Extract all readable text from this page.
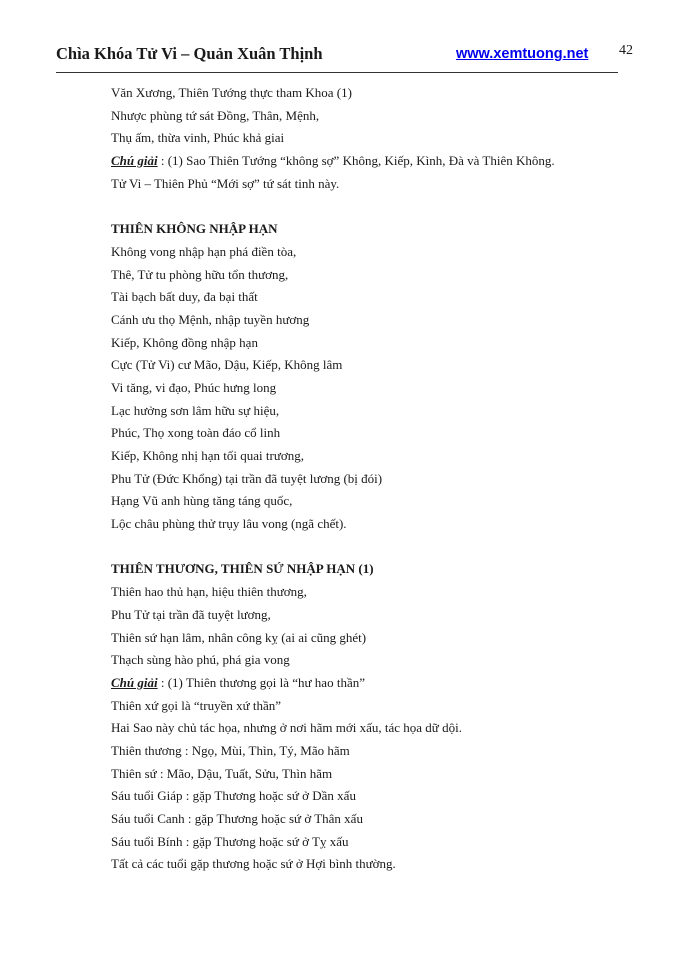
Chìa Khóa Tử Vi – Quản Xuân Thịnh	www.xemtuong.net 42
Văn Xương, Thiên Tướng thực tham Khoa (1)
Nhược phùng tứ sát Đồng, Thân, Mệnh,
Thụ ấm, thừa vinh, Phúc khả giai
Chú giải : (1) Sao Thiên Tướng “không sợ” Không, Kiếp, Kình, Đà và Thiên Không.
Tử Vi – Thiên Phủ “Mới sợ” tứ sát tinh này.
THIÊN KHÔNG NHẬP HẠN
Không vong nhập hạn phá điền tòa,
Thê, Tử tu phòng hữu tổn thương,
Tài bạch bất duy, đa bại thất
Cánh ưu thọ Mệnh, nhập tuyền hương
Kiếp, Không đồng nhập hạn
Cực (Tử Vi) cư Mão, Dậu, Kiếp, Không lâm
Vi tăng, vi đạo, Phúc hưng long
Lạc hưởng sơn lâm hữu sự hiệu,
Phúc, Thọ xong toàn đáo cổ linh
Kiếp, Không nhị hạn tối quai trương,
Phu Tử (Đức Khổng) tại trần đã tuyệt lương (bị đói)
Hạng Vũ anh hùng tăng táng quốc,
Lộc châu phùng thử trụy lâu vong (ngã chết).
THIÊN THƯƠNG, THIÊN SỨ NHẬP HẠN (1)
Thiên hao thủ hạn, hiệu thiên thương,
Phu Tử tại trần đã tuyệt lương,
Thiên sứ hạn lâm, nhân công kỵ (ai ai cũng ghét)
Thạch sùng hào phú, phá gia vong
Chú giải : (1) Thiên thương gọi là “hư hao thần”
Thiên xứ gọi là “truyền xứ thần”
Hai Sao này chủ tác họa, nhưng ở nơi hãm mới xấu, tác họa dữ dội.
Thiên thương : Ngọ, Mùi, Thìn, Tý, Mão hãm
Thiên sứ : Mão, Dậu, Tuất, Sửu, Thìn hãm
Sáu tuổi Giáp : gặp Thương hoặc sứ ở Dần xấu
Sáu tuổi Canh : gặp Thương hoặc sứ ở Thân xấu
Sáu tuổi Bính : gặp Thương hoặc sứ ở Tỵ xấu
Tất cả các tuổi gặp thương hoặc sứ ở Hợi bình thường.
